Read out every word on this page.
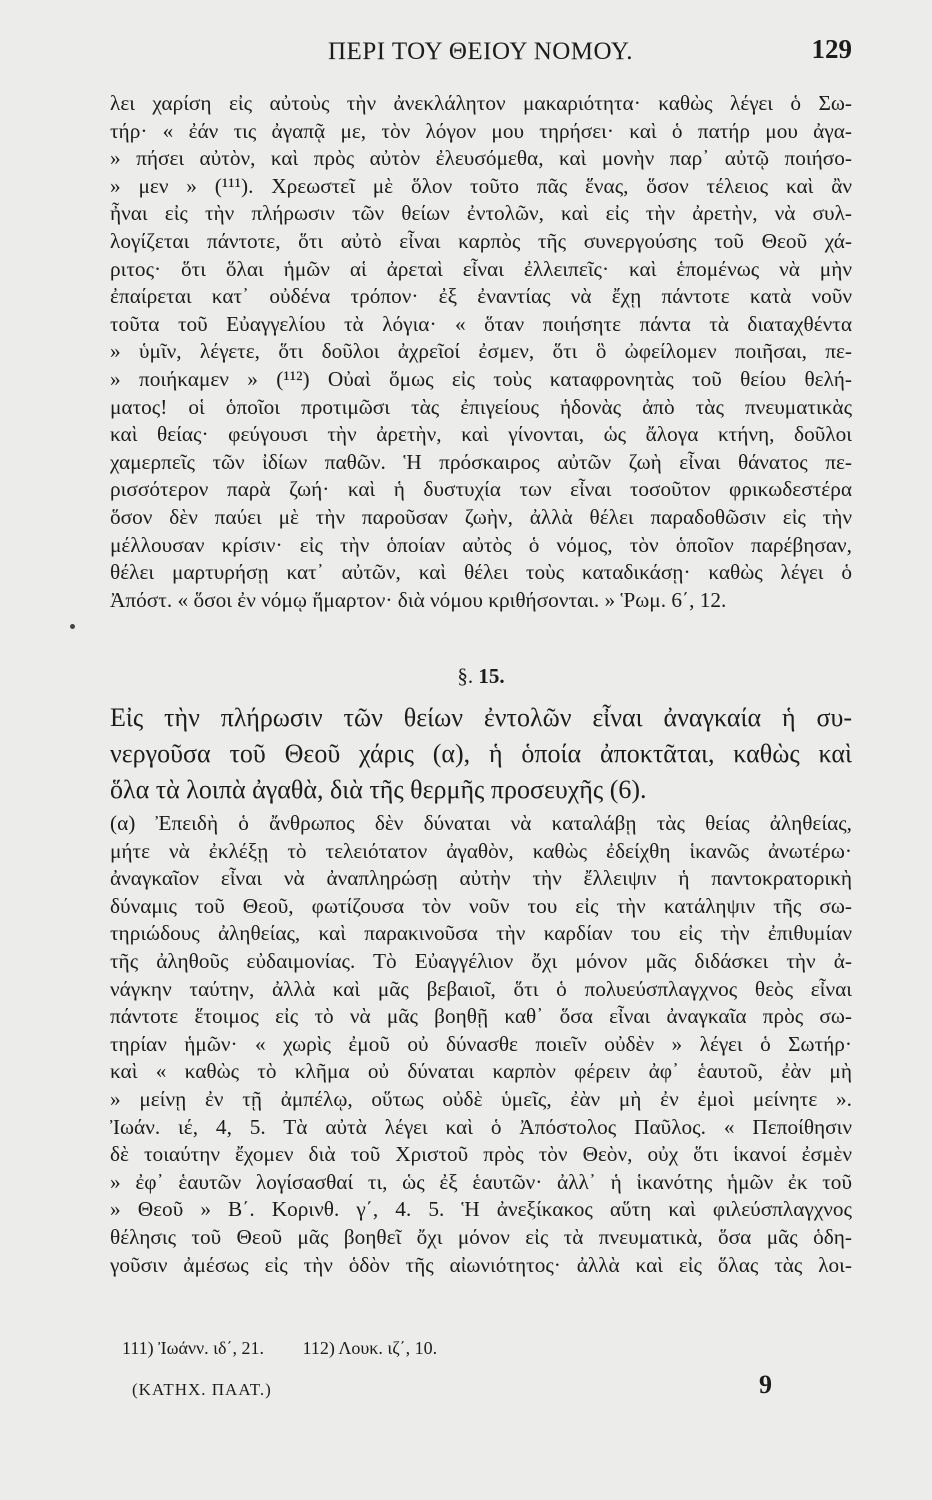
ΠΕΡΙ ΤΟΥ ΘΕΙΟΥ ΝΟΜΟΥ.	129
λει χαρίση εἰς αὐτοὺς τὴν ἀνεκλάλητον μακαριότητα· καθὼς λέγει ὁ Σω-
τήρ· « ἐάν τις ἀγαπᾷ με, τὸν λόγον μου τηρήσει· καὶ ὁ πατήρ μου ἀγα-
» πήσει αὐτὸν, καὶ πρὸς αὐτὸν ἐλευσόμεθα, καὶ μονὴν παρ᾽ αὐτῷ ποιήσο-
» μεν » (¹¹¹). Χρεωστεῖ μὲ ὅλον τοῦτο πᾶς ἕνας, ὅσον τέλειος καὶ ἂν
ἦναι εἰς τὴν πλήρωσιν τῶν θείων ἐντολῶν, καὶ εἰς τὴν ἀρετὴν, νὰ συλ-
λογίζεται πάντοτε, ὅτι αὐτὸ εἶναι καρπὸς τῆς συνεργούσης τοῦ Θεοῦ χά-
ριτος· ὅτι ὅλαι ἡμῶν αἱ ἀρεταὶ εἶναι ἐλλειπεῖς· καὶ ἑπομένως νὰ μὴν
ἐπαίρεται κατ᾽ οὐδένα τρόπον· ἐξ ἐναντίας νὰ ἔχῃ πάντοτε κατὰ νοῦν
τοῦτα τοῦ Εὐαγγελίου τὰ λόγια· « ὅταν ποιήσητε πάντα τὰ διαταχθέντα
» ὑμῖν, λέγετε, ὅτι δοῦλοι ἀχρεῖοί ἐσμεν, ὅτι ὃ ὠφείλομεν ποιῆσαι, πε-
» ποιήκαμεν » (¹¹²) Οὐαὶ ὅμως εἰς τοὺς καταφρονητὰς τοῦ θείου θελή-
ματος! οἱ ὁποῖοι προτιμῶσι τὰς ἐπιγείους ἡδονὰς ἀπὸ τὰς πνευματικὰς
καὶ θείας· φεύγουσι τὴν ἀρετὴν, καὶ γίνονται, ὡς ἄλογα κτήνη, δοῦλοι
χαμερπεῖς τῶν ἰδίων παθῶν. Ἡ πρόσκαιρος αὐτῶν ζωὴ εἶναι θάνατος πε-
ρισσότερον παρὰ ζωή· καὶ ἡ δυστυχία των εἶναι τοσοῦτον φρικωδεστέρα
ὅσον δὲν παύει μὲ τὴν παροῦσαν ζωὴν, ἀλλὰ θέλει παραδοθῶσιν εἰς τὴν
μέλλουσαν κρίσιν· εἰς τὴν ὁποίαν αὐτὸς ὁ νόμος, τὸν ὁποῖον παρέβησαν,
θέλει μαρτυρήσῃ κατ᾽ αὐτῶν, καὶ θέλει τοὺς καταδικάσῃ· καθὼς λέγει ὁ
Ἀπόστ. « ὅσοι ἐν νόμῳ ἥμαρτον· διὰ νόμου κριθήσονται. » Ῥωμ. 6΄, 12.
§. 15.
Εἰς τὴν πλήρωσιν τῶν θείων ἐντολῶν εἶναι ἀναγκαία ἡ συ-
νεργοῦσα τοῦ Θεοῦ χάρις (α), ἡ ὁποία ἀποκτᾶται, καθὼς καὶ
ὅλα τὰ λοιπὰ ἀγαθὰ, διὰ τῆς θερμῆς προσευχῆς (6).
(α) Ἐπειδὴ ὁ ἄνθρωπος δὲν δύναται νὰ καταλάβῃ τὰς θείας ἀληθείας,
μήτε νὰ ἐκλέξῃ τὸ τελειότατον ἀγαθὸν, καθὼς ἐδείχθη ἱκανῶς ἀνωτέρω·
ἀναγκαῖον εἶναι νὰ ἀναπληρώσῃ αὐτὴν τὴν ἔλλειψιν ἡ παντοκρατορικὴ
δύναμις τοῦ Θεοῦ, φωτίζουσα τὸν νοῦν του εἰς τὴν κατάληψιν τῆς σω-
τηριώδους ἀληθείας, καὶ παρακινοῦσα τὴν καρδίαν του εἰς τὴν ἐπιθυμίαν
τῆς ἀληθοῦς εὐδαιμονίας. Τὸ Εὐαγγέλιον ὄχι μόνον μᾶς διδάσκει τὴν ἀ-
νάγκην ταύτην, ἀλλὰ καὶ μᾶς βεβαιοῖ, ὅτι ὁ πολυεύσπλαγχνος θεὸς εἶναι
πάντοτε ἕτοιμος εἰς τὸ νὰ μᾶς βοηθῇ καθ᾽ ὅσα εἶναι ἀναγκαῖα πρὸς σω-
τηρίαν ἡμῶν· « χωρὶς ἐμοῦ οὐ δύνασθε ποιεῖν οὐδὲν » λέγει ὁ Σωτήρ·
καὶ « καθὼς τὸ κλῆμα οὐ δύναται καρπὸν φέρειν ἀφ᾽ ἑαυτοῦ, ἐὰν μὴ
» μείνῃ ἐν τῇ ἀμπέλῳ, οὕτως οὐδὲ ὑμεῖς, ἐὰν μὴ ἐν ἐμοὶ μείνητε ».
Ἰωάν. ιέ, 4, 5. Τὰ αὐτὰ λέγει καὶ ὁ Ἀπόστολος Παῦλος. « Πεποίθησιν
δὲ τοιαύτην ἔχομεν διὰ τοῦ Χριστοῦ πρὸς τὸν Θεὸν, οὐχ ὅτι ἱκανοί ἐσμὲν
» ἐφ᾽ ἑαυτῶν λογίσασθαί τι, ὡς ἐξ ἑαυτῶν· ἀλλ᾽ ἡ ἱκανότης ἡμῶν ἐκ τοῦ
» Θεοῦ » Β΄. Κορινθ. γ΄, 4. 5. Ἡ ἀνεξίκακος αὕτη καὶ φιλεύσπλαγχνος
θέλησις τοῦ Θεοῦ μᾶς βοηθεῖ ὄχι μόνον εἰς τὰ πνευματικὰ, ὅσα μᾶς ὁδη-
γοῦσιν ἀμέσως εἰς τὴν ὁδὸν τῆς αἰωνιότητος· ἀλλὰ καὶ εἰς ὅλας τὰς λοι-
111) Ἰωάνν. ιδ΄, 21. 112) Λουκ. ιζ΄, 10.
(ΚΑΤΗΧ. ΠΑΑΤ.)	9
